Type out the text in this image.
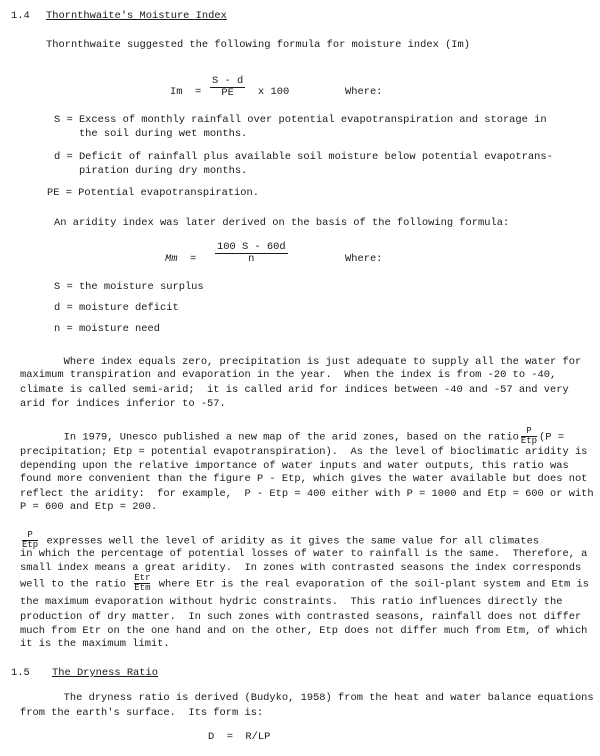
1.4 Thornthwaite's Moisture Index
Thornthwaite suggested the following formula for moisture index (Im)
$Im = \frac{S - d}{PE}$ x 100	Where:
S = Excess of monthly rainfall over potential evapotranspiration and storage in
the soil during wet months.
d = Deficit of rainfall plus available soil moisture below potential evapotrans-
piration during dry months.
PE = Potential evapotranspiration.
An aridity index was later derived on the basis of the following formula:
$Mm = \frac{100 S - 60d}{n}$	Where:
S = the moisture surplus
d = moisture deficit
n = moisture need
Where index equals zero, precipitation is just adequate to supply all the water for
maximum transpiration and evaporation in the year.  When the index is from -20 to -40,
climate is called semi-arid;  it is called arid for indices between -40 and -57 and very
arid for indices inferior to -57.
In 1979, Unesco published a new map of the arid zones, based on the ratio
P
Etp (P =
precipitation; Etp = potential evapotranspiration).  As the level of bioclimatic aridity is
depending upon the relative importance of water inputs and water outputs, this ratio was
found more convenient than the figure P - Etp, which gives the water available but does not
reflect the aridity:  for example,  P - Etp = 400 either with P = 1000 and Etp = 600 or with
P = 600 and Etp = 200.
P
Etp expresses well the level of aridity as it gives the same value for all climates
in which the percentage of potential losses of water to rainfall is the same.  Therefore, a
small index means a great aridity.  In zones with contrasted seasons the index corresponds
well to the ratio
Etr
Etm where Etr is the real evaporation of the soil-plant system and Etm is
the maximum evaporation without hydric constraints.  This ratio influences directly the
production of dry matter.  In such zones with contrasted seasons, rainfall does not differ
much from Etr on the one hand and on the other, Etp does not differ much from Etm, of which
it is the maximum limit.
1.5 The Dryness Ratio
The dryness ratio is derived (Budyko, 1958) from the heat and water balance equations
from the earth's surface.  Its form is:
D  =  R/LP
